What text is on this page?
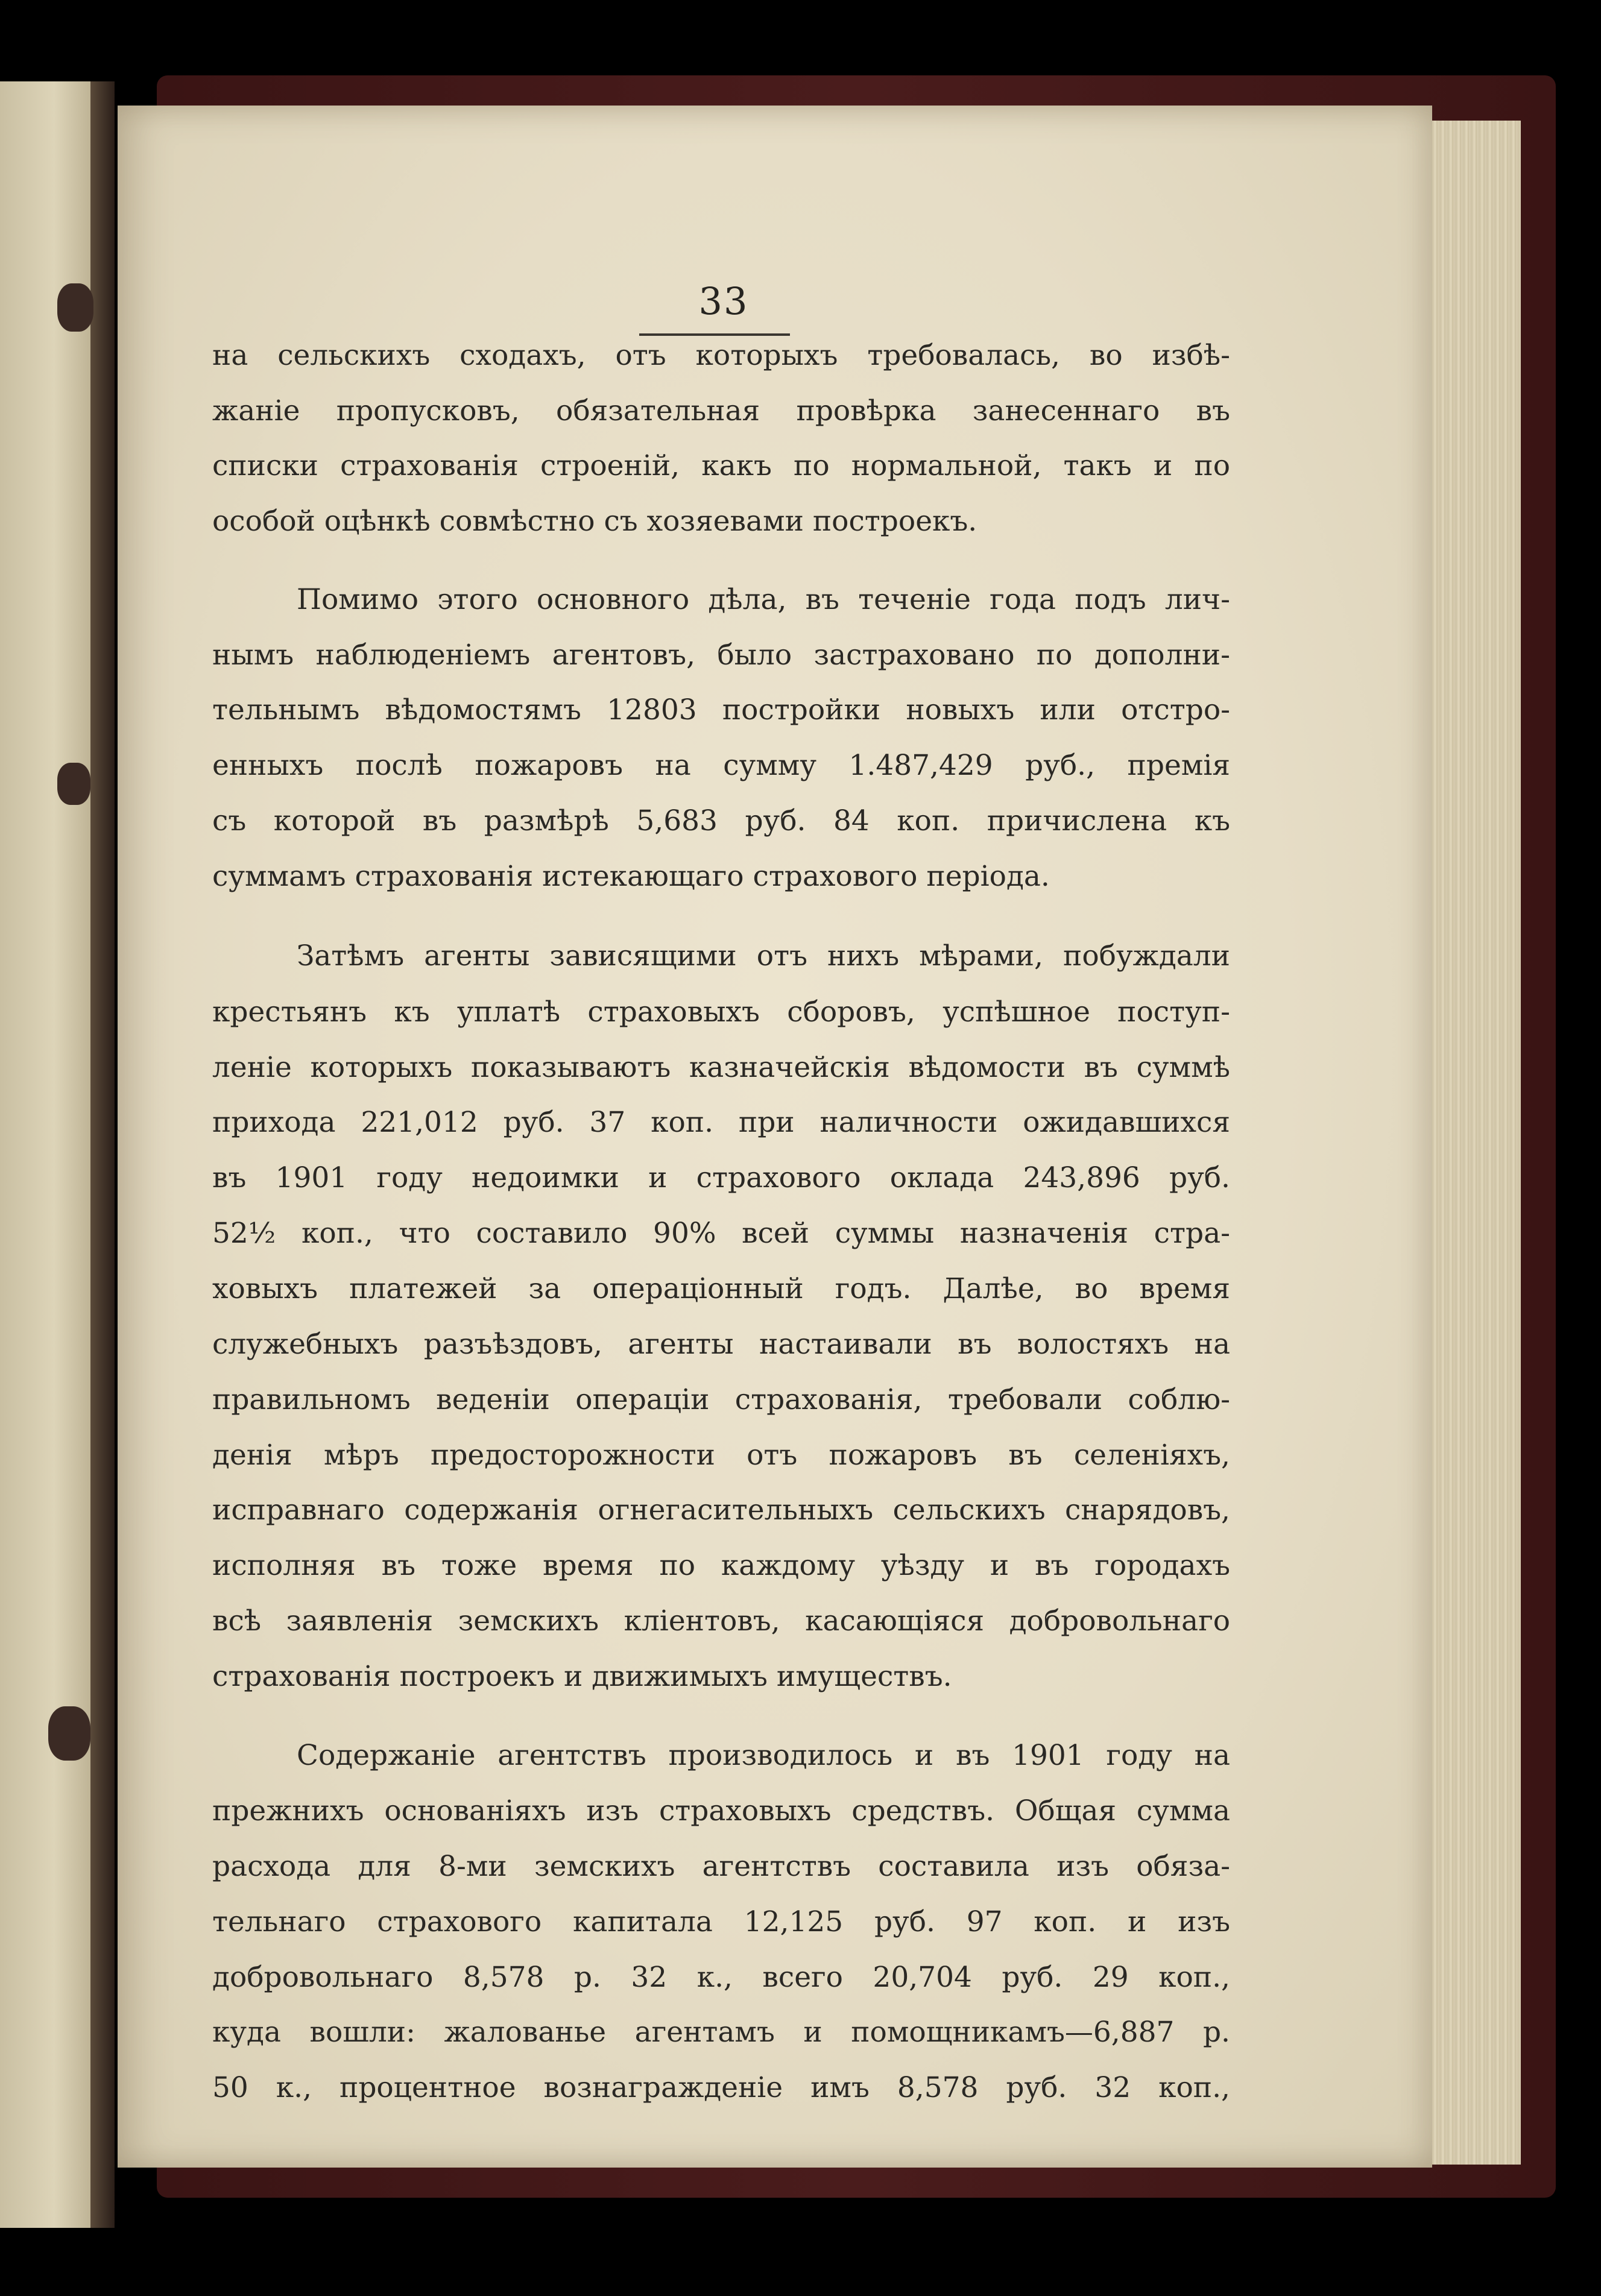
33
на сельскихъ сходахъ, отъ которыхъ требовалась, во избѣ-
жаніе пропусковъ, обязательная провѣрка занесеннаго въ
списки страхованія строеній, какъ по нормальной, такъ и по
особой оцѣнкѣ совмѣстно съ хозяевами построекъ.
Помимо этого основного дѣла, въ теченіе года подъ лич-
нымъ наблюденіемъ агентовъ, было застраховано по дополни-
тельнымъ вѣдомостямъ 12803 постройки новыхъ или отстро-
енныхъ послѣ пожаровъ на сумму 1.487,429 руб., премія
съ которой въ размѣрѣ 5,683 руб. 84 коп. причислена къ
суммамъ страхованія истекающаго страхового періода.
Затѣмъ агенты зависящими отъ нихъ мѣрами, побуждали
крестьянъ къ уплатѣ страховыхъ сборовъ, успѣшное поступ-
леніе которыхъ показываютъ казначейскія вѣдомости въ суммѣ
прихода 221,012 руб. 37 коп. при наличности ожидавшихся
въ 1901 году недоимки и страхового оклада 243,896 руб.
52½ коп., что составило 90% всей суммы назначенія стра-
ховыхъ платежей за операціонный годъ. Далѣе, во время
служебныхъ разъѣздовъ, агенты настаивали въ волостяхъ на
правильномъ веденіи операціи страхованія, требовали соблю-
денія мѣръ предосторожности отъ пожаровъ въ селеніяхъ,
исправнаго содержанія огнегасительныхъ сельскихъ снарядовъ,
исполняя въ тоже время по каждому уѣзду и въ городахъ
всѣ заявленія земскихъ кліентовъ, касающіяся добровольнаго
страхованія построекъ и движимыхъ имуществъ.
Содержаніе агентствъ производилось и въ 1901 году на
прежнихъ основаніяхъ изъ страховыхъ средствъ. Общая сумма
расхода для 8-ми земскихъ агентствъ составила изъ обяза-
тельнаго страхового капитала 12,125 руб. 97 коп. и изъ
добровольнаго 8,578 р. 32 к., всего 20,704 руб. 29 коп.,
куда вошли: жалованье агентамъ и помощникамъ—6,887 р.
50 к., процентное вознагражденіе имъ 8,578 руб. 32 коп.,
